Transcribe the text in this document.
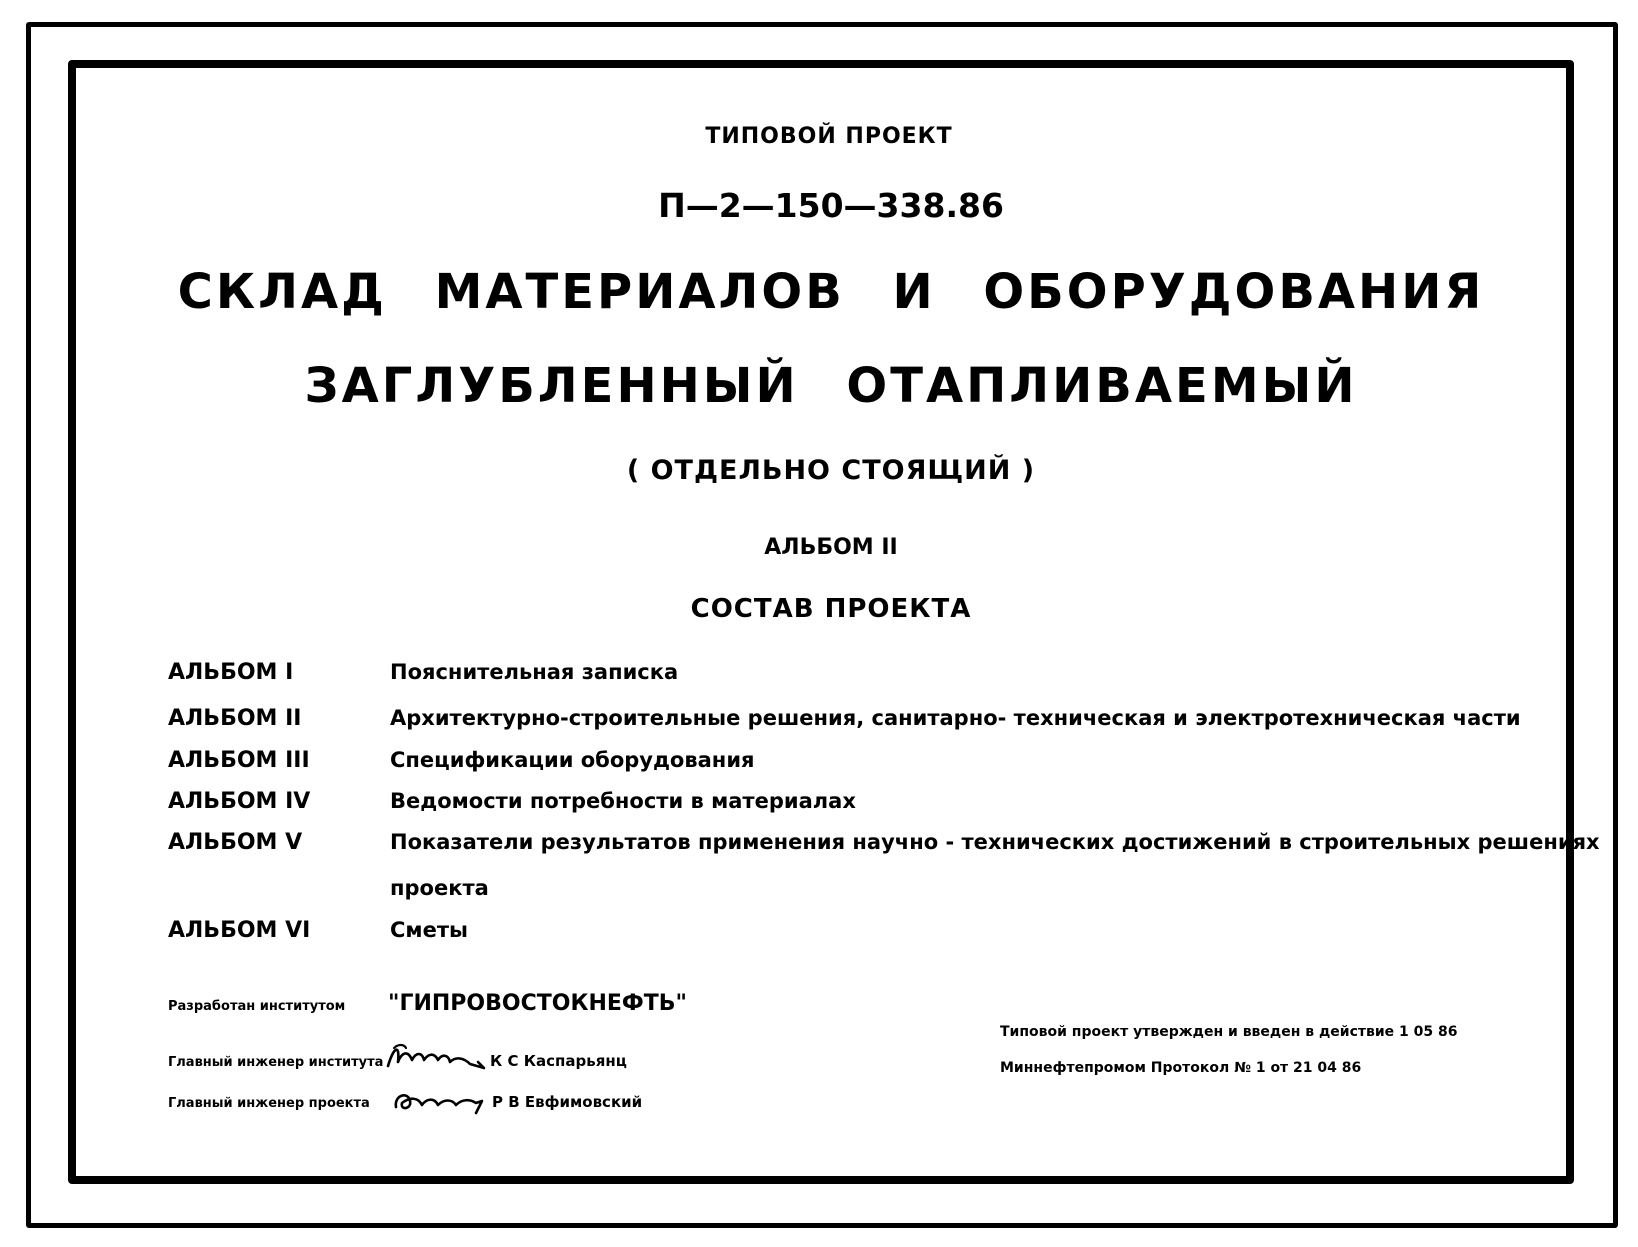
ТИПОВОЙ ПРОЕКТ
П—2—150—338.86
СКЛАД МАТЕРИАЛОВ И ОБОРУДОВАНИЯ
ЗАГЛУБЛЕННЫЙ ОТАПЛИВАЕМЫЙ
( ОТДЕЛЬНО СТОЯЩИЙ )
АЛЬБОМ II
СОСТАВ ПРОЕКТА
АЛЬБОМ I	Пояснительная записка
АЛЬБОМ II	Архитектурно-строительные решения, санитарно- техническая и электротехническая части
АЛЬБОМ III	Спецификации оборудования
АЛЬБОМ IV	Ведомости потребности в материалах
АЛЬБОМ V	Показатели результатов применения научно - технических достижений в строительных решениях
проекта
АЛЬБОМ VI	Сметы
Разработан институтом "ГИПРОВОСТОКНЕФТЬ"
Главный инженер института	К С Каспарьянц
Главный инженер проекта	Р В Евфимовский
Типовой проект утвержден и введен в действие 1 05 86
Миннефтепромом Протокол № 1 от 21 04 86
